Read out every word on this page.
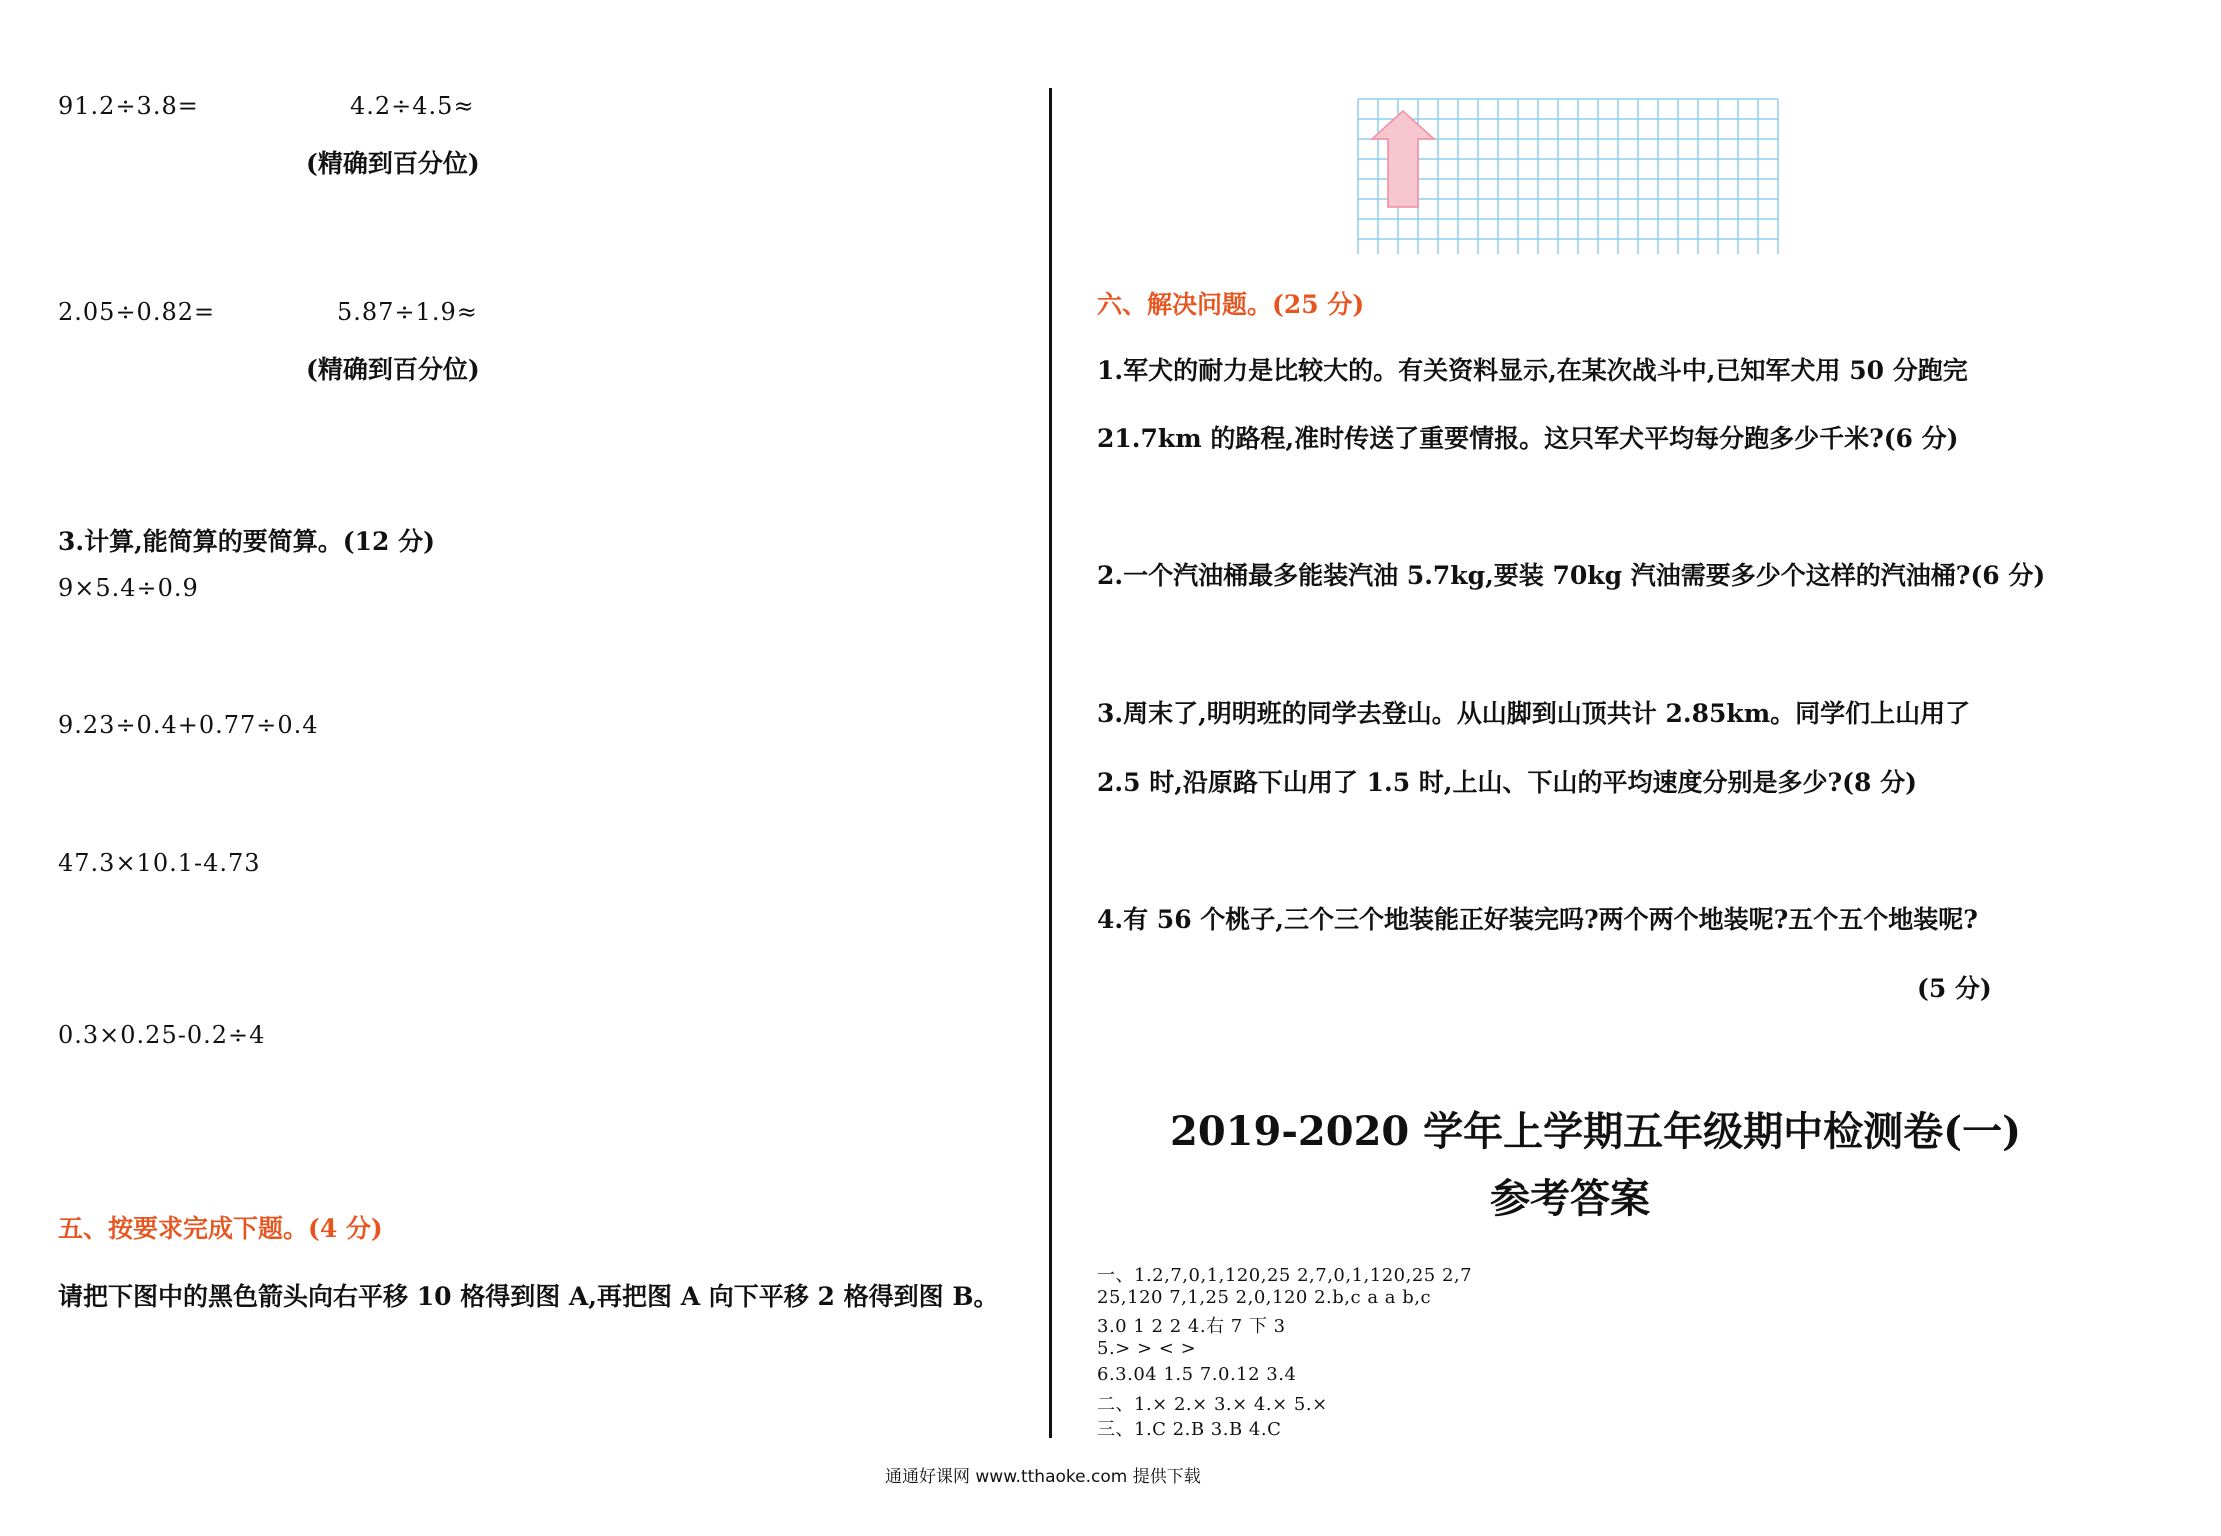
91.2÷3.8=	4.2÷4.5≈
(精确到百分位)
2.05÷0.82=	5.87÷1.9≈
(精确到百分位)
3.计算,能简算的要简算。(12 分)
9×5.4÷0.9
9.23÷0.4+0.77÷0.4
47.3×10.1-4.73
0.3×0.25-0.2÷4
五、按要求完成下题。(4 分)
请把下图中的黑色箭头向右平移 10 格得到图 A,再把图 A 向下平移 2 格得到图 B。
六、解决问题。(25 分)
1.军犬的耐力是比较大的。有关资料显示,在某次战斗中,已知军犬用 50 分跑完
21.7km 的路程,准时传送了重要情报。这只军犬平均每分跑多少千米?(6 分)
2.一个汽油桶最多能装汽油 5.7kg,要装 70kg 汽油需要多少个这样的汽油桶?(6 分)
3.周末了,明明班的同学去登山。从山脚到山顶共计 2.85km。同学们上山用了
2.5 时,沿原路下山用了 1.5 时,上山、下山的平均速度分别是多少?(8 分)
4.有 56 个桃子,三个三个地装能正好装完吗?两个两个地装呢?五个五个地装呢?
(5 分)
2019-2020 学年上学期五年级期中检测卷(一)
参考答案
一、1.2,7,0,1,120,25 2,7,0,1,120,25 2,7
25,120 7,1,25 2,0,120 2.b,c a a b,c
3.0 1 2 2 4.右 7 下 3
5.> > < >
6.3.04 1.5 7.0.12 3.4
二、1.× 2.× 3.× 4.× 5.×
三、1.C 2.B 3.B 4.C
通通好课网 www.tthaoke.com 提供下载
